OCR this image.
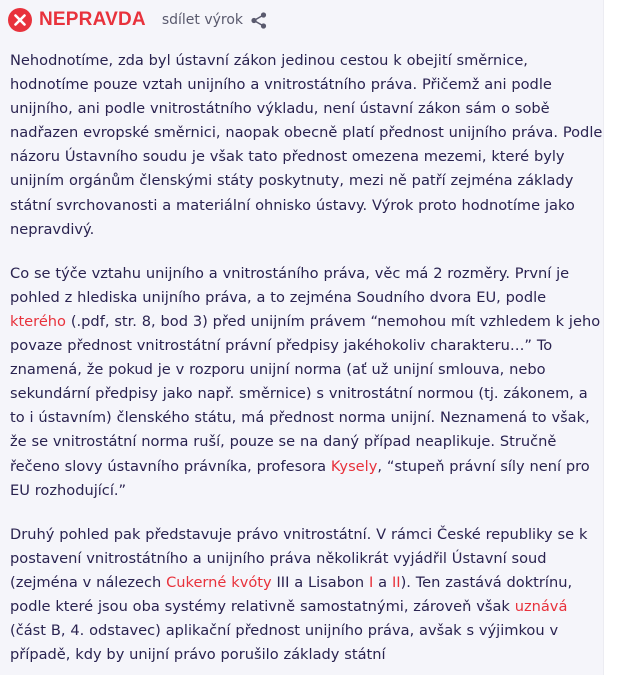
NEPRAVDA sdílet výrok

Nehodnotíme, zda byl ústavní zákon jedinou cestou k obejití směrnice, hodnotíme pouze vztah unijního a vnitrostátního práva. Přičemž ani podle unijního, ani podle vnitrostátního výkladu, není ústavní zákon sám o sobě nadřazen evropské směrnici, naopak obecně platí přednost unijního práva. Podle názoru Ústavního soudu je však tato přednost omezena mezemi, které byly unijním orgánům členskými státy poskytnuty, mezi ně patří zejména základy státní svrchovanosti a materiální ohnisko ústavy. Výrok proto hodnotíme jako nepravdivý.

Co se týče vztahu unijního a vnitrostáního práva, věc má 2 rozměry. První je pohled z hlediska unijního práva, a to zejména Soudního dvora EU, podle kterého (.pdf, str. 8, bod 3) před unijním právem “nemohou mít vzhledem k jeho povaze přednost vnitrostátní právní předpisy jakéhokoliv charakteru…” To znamená, že pokud je v rozporu unijní norma (ať už unijní smlouva, nebo sekundární předpisy jako např. směrnice) s vnitrostátní normou (tj. zákonem, a to i ústavním) členského státu, má přednost norma unijní. Neznamená to však, že se vnitrostátní norma ruší, pouze se na daný případ neaplikuje. Stručně řečeno slovy ústavního právníka, profesora Kysely, “stupeň právní síly není pro EU rozhodující.”

Druhý pohled pak představuje právo vnitrostátní. V rámci České republiky se k postavení vnitrostátního a unijního práva několikrát vyjádřil Ústavní soud (zejména v nálezech Cukerné kvóty III a Lisabon I a II). Ten zastává doktrínu, podle které jsou oba systémy relativně samostatnými, zároveň však uznává (část B, 4. odstavec) aplikační přednost unijního práva, avšak s výjimkou v případě, kdy by unijní právo porušilo základy státní
